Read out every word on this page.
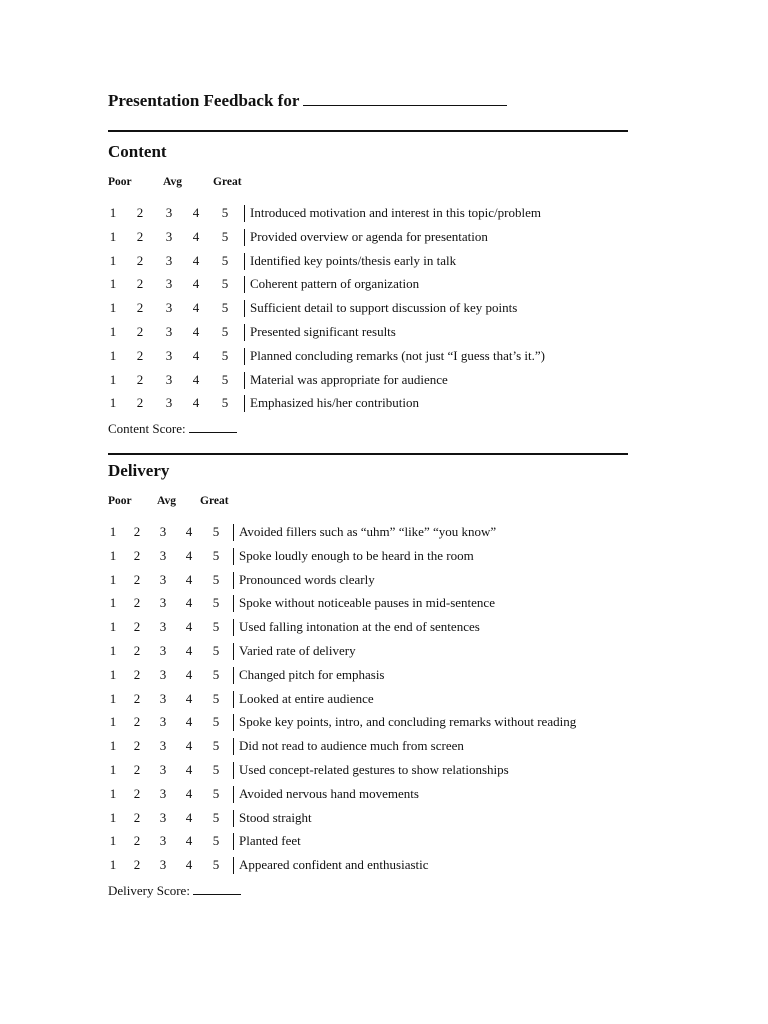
Presentation Feedback for
Content
Poor	Avg	Great
1 2 3 4 5 Introduced motivation and interest in this topic/problem
1 2 3 4 5 Provided overview or agenda for presentation
1 2 3 4 5 Identified key points/thesis early in talk
1 2 3 4 5 Coherent pattern of organization
1 2 3 4 5 Sufficient detail to support discussion of key points
1 2 3 4 5 Presented significant results
1 2 3 4 5 Planned concluding remarks (not just “I guess that’s it.”)
1 2 3 4 5 Material was appropriate for audience
1 2 3 4 5 Emphasized his/her contribution
Content Score:
Delivery
Poor Avg Great
1 2 3 4 5 Avoided fillers such as “uhm” “like” “you know”
1 2 3 4 5 Spoke loudly enough to be heard in the room
1 2 3 4 5 Pronounced words clearly
1 2 3 4 5 Spoke without noticeable pauses in mid-sentence
1 2 3 4 5 Used falling intonation at the end of sentences
1 2 3 4 5 Varied rate of delivery
1 2 3 4 5 Changed pitch for emphasis
1 2 3 4 5 Looked at entire audience
1 2 3 4 5 Spoke key points, intro, and concluding remarks without reading
1 2 3 4 5 Did not read to audience much from screen
1 2 3 4 5 Used concept-related gestures to show relationships
1 2 3 4 5 Avoided nervous hand movements
1 2 3 4 5 Stood straight
1 2 3 4 5 Planted feet
1 2 3 4 5 Appeared confident and enthusiastic
Delivery Score:
